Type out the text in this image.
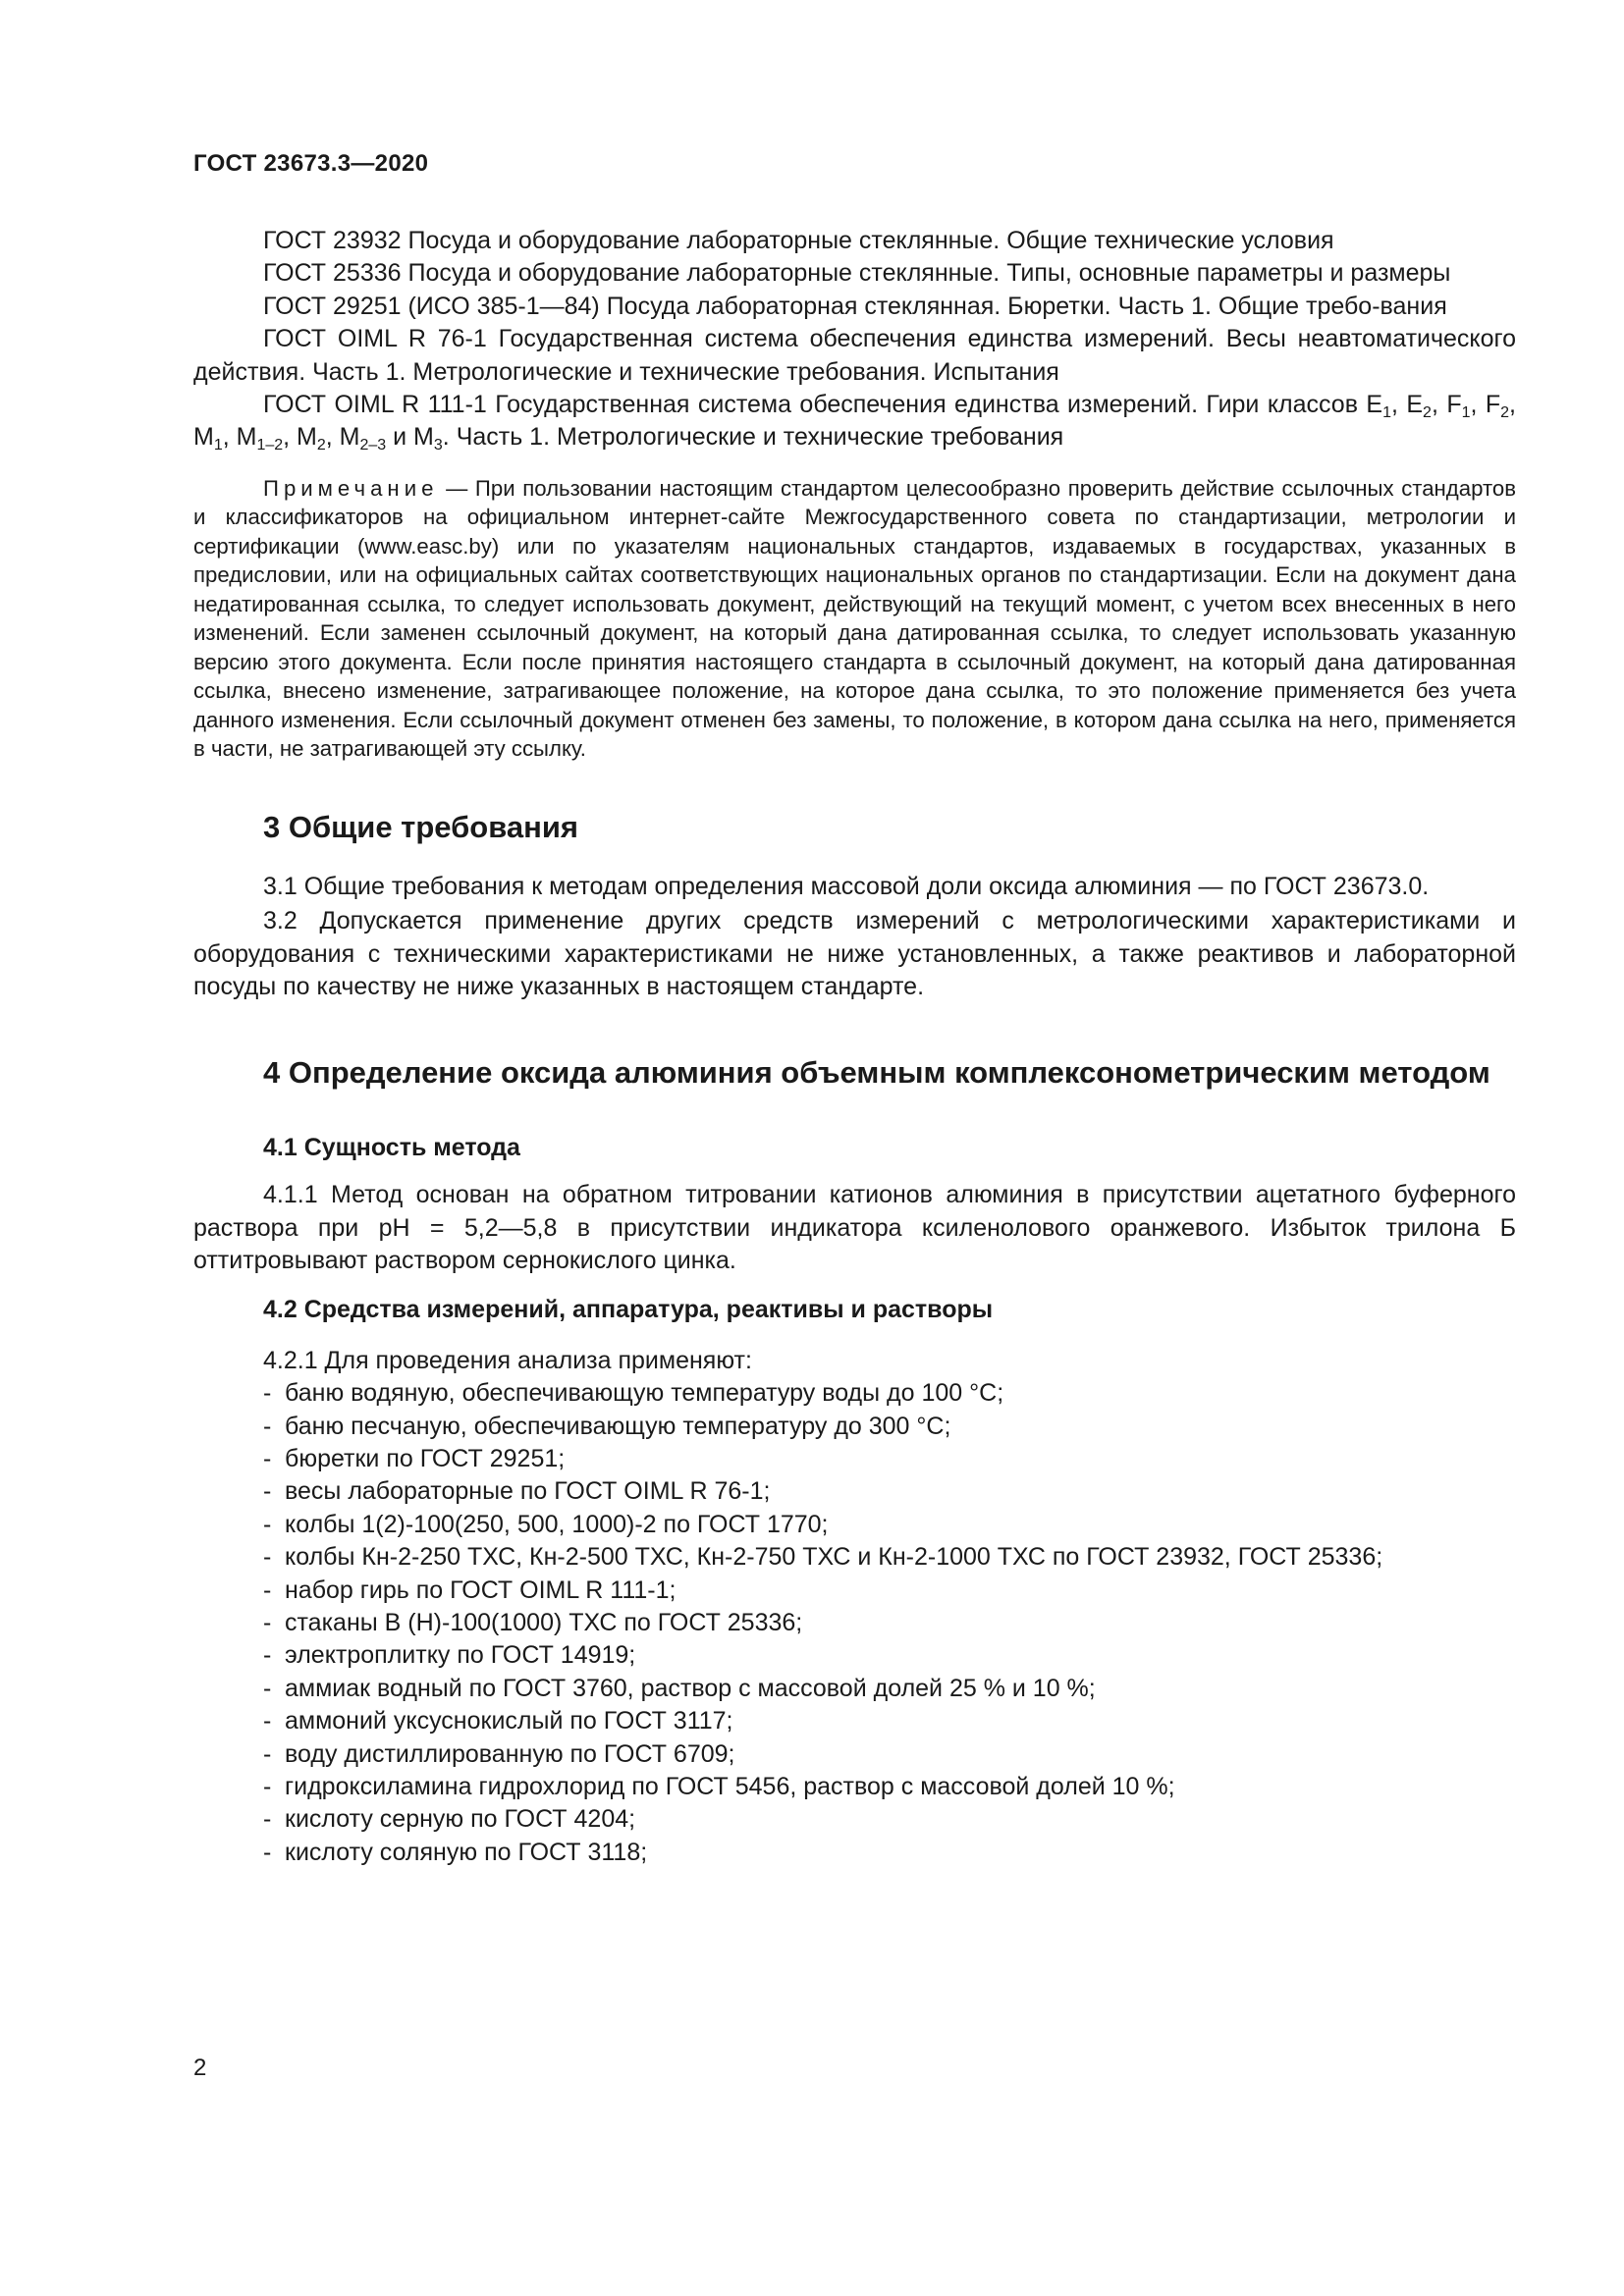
ГОСТ 23673.3—2020

ГОСТ 23932 Посуда и оборудование лабораторные стеклянные. Общие технические условия

ГОСТ 25336 Посуда и оборудование лабораторные стеклянные. Типы, основные параметры и размеры

ГОСТ 29251 (ИСО 385-1—84) Посуда лабораторная стеклянная. Бюретки. Часть 1. Общие требо-вания

ГОСТ OIML R 76-1 Государственная система обеспечения единства измерений. Весы неавтоматического действия. Часть 1. Метрологические и технические требования. Испытания

ГОСТ OIML R 111-1 Государственная система обеспечения единства измерений. Гири классов $E_1$, $E_2$, $F_1$, $F_2$, $M_1$, $M_{1-2}$, $M_2$, $M_{2-3}$ и $M_3$. Часть 1. Метрологические и технические требования

Примечание — При пользовании настоящим стандартом целесообразно проверить действие ссылочных стандартов и классификаторов на официальном интернет-сайте Межгосударственного совета по стандартизации, метрологии и сертификации (www.easc.by) или по указателям национальных стандартов, издаваемых в государствах, указанных в предисловии, или на официальных сайтах соответствующих национальных органов по стандартизации. Если на документ дана недатированная ссылка, то следует использовать документ, действующий на текущий момент, с учетом всех внесенных в него изменений. Если заменен ссылочный документ, на который дана датированная ссылка, то следует использовать указанную версию этого документа. Если после принятия настоящего стандарта в ссылочный документ, на который дана датированная ссылка, внесено изменение, затрагивающее положение, на которое дана ссылка, то это положение применяется без учета данного изменения. Если ссылочный документ отменен без замены, то положение, в котором дана ссылка на него, применяется в части, не затрагивающей эту ссылку.

3 Общие требования

3.1 Общие требования к методам определения массовой доли оксида алюминия — по ГОСТ 23673.0.

3.2 Допускается применение других средств измерений с метрологическими характеристиками и оборудования с техническими характеристиками не ниже установленных, а также реактивов и лабораторной посуды по качеству не ниже указанных в настоящем стандарте.

4 Определение оксида алюминия объемным комплексонометрическим методом
4.1 Сущность метода

4.1.1 Метод основан на обратном титровании катионов алюминия в присутствии ацетатного буферного раствора при pH = 5,2—5,8 в присутствии индикатора ксиленолового оранжевого. Избыток трилона Б оттитровывают раствором сернокислого цинка.

4.2 Средства измерений, аппаратура, реактивы и растворы

4.2.1 Для проведения анализа применяют:

- баню водяную, обеспечивающую температуру воды до 100 °С;
- баню песчаную, обеспечивающую температуру до 300 °С;
- бюретки по ГОСТ 29251;
- весы лабораторные по ГОСТ OIML R 76-1;
- колбы 1(2)-100(250, 500, 1000)-2 по ГОСТ 1770;
- колбы Кн-2-250 ТХС, Кн-2-500 ТХС, Кн-2-750 ТХС и Кн-2-1000 ТХС по ГОСТ 23932, ГОСТ 25336;
- набор гирь по ГОСТ OIML R 111-1;
- стаканы В (Н)-100(1000) ТХС по ГОСТ 25336;
- электроплитку по ГОСТ 14919;
- аммиак водный по ГОСТ 3760, раствор с массовой долей 25 % и 10 %;
- аммоний уксуснокислый по ГОСТ 3117;
- воду дистиллированную по ГОСТ 6709;
- гидроксиламина гидрохлорид по ГОСТ 5456, раствор с массовой долей 10 %;
- кислоту серную по ГОСТ 4204;
- кислоту соляную по ГОСТ 3118;
2
